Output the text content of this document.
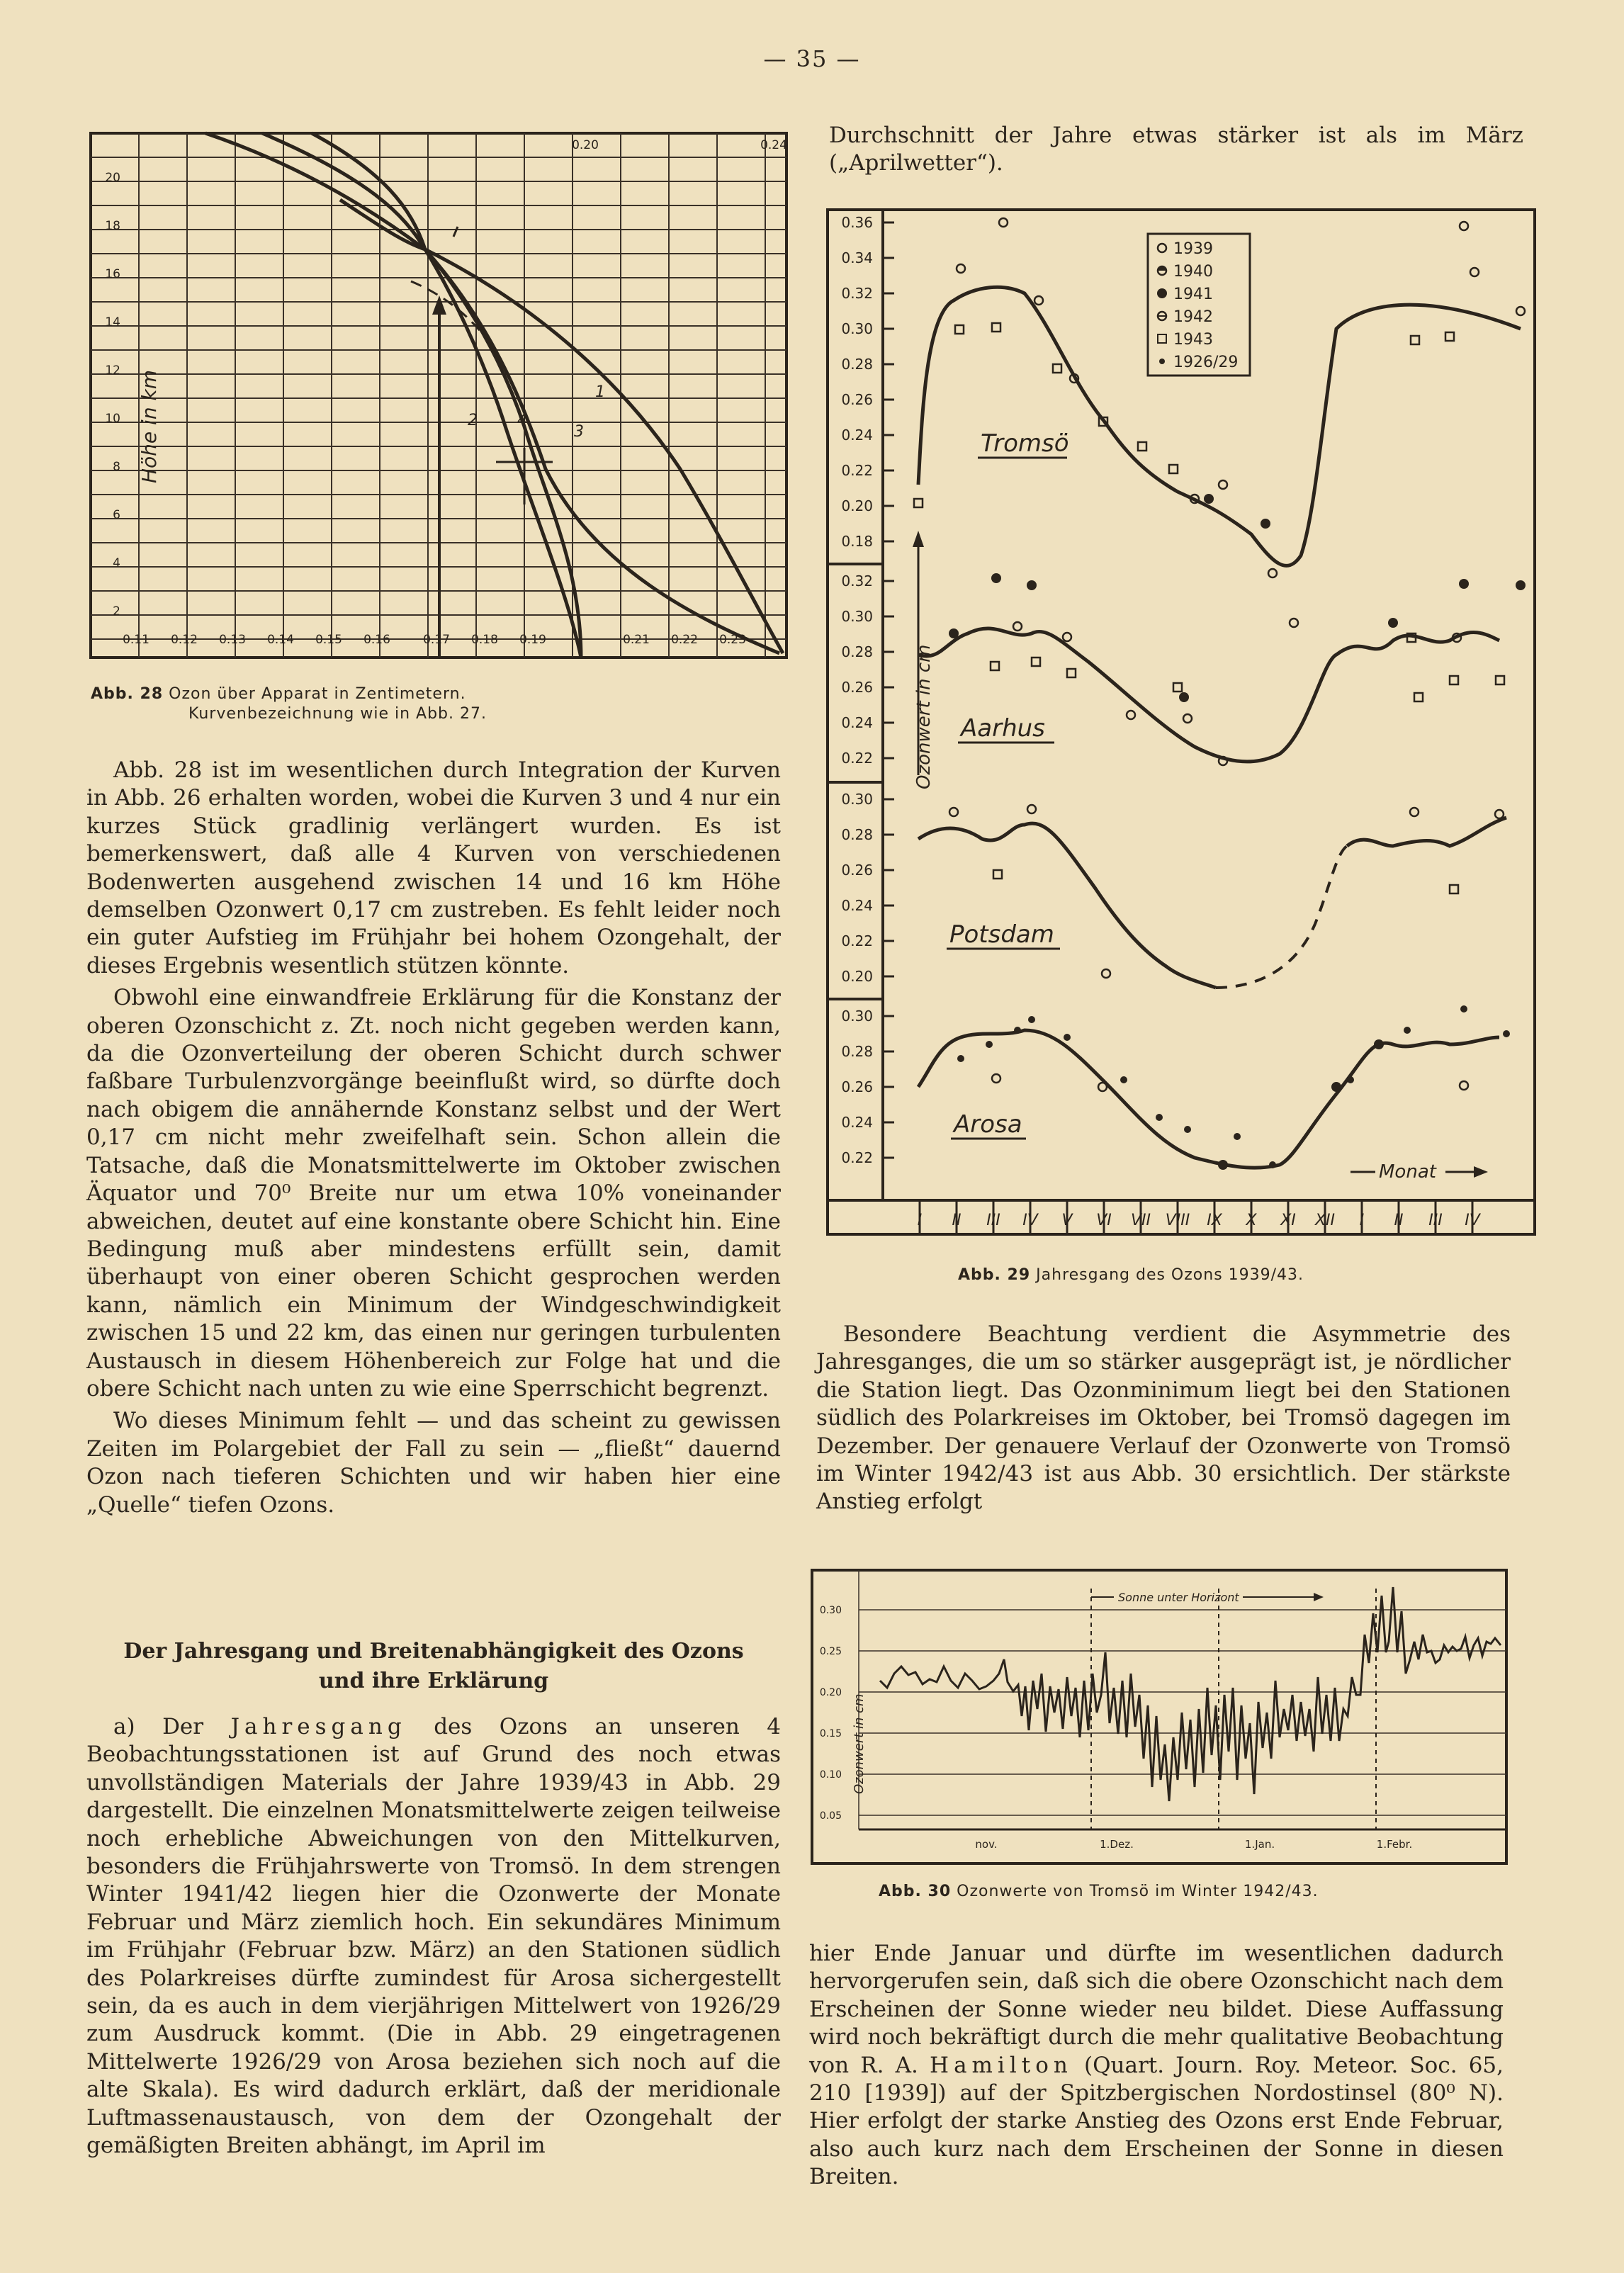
— 35 —
20
18
16
14
12
10
8
6
4
2
Höhe in km
0.11 0.12 0.13 0.14 0.15 0.16	0.17 0.18 0.19	0.21 0.22 0.23
0.20	0.24
1
2
3
4
Abb. 28 Ozon über Apparat in Zentimetern.
Kurvenbezeichnung wie in Abb. 27.

Abb. 28 ist im wesentlichen durch Integration der Kurven in Abb. 26 erhalten worden, wobei die Kurven 3 und 4 nur ein kurzes Stück gradlinig verlängert wurden. Es ist bemerkenswert, daß alle 4 Kurven von verschiedenen Bodenwerten ausgehend zwischen 14 und 16 km Höhe demselben Ozonwert 0,17 cm zustreben. Es fehlt leider noch ein guter Aufstieg im Frühjahr bei hohem Ozongehalt, der dieses Ergebnis wesentlich stützen könnte.

Obwohl eine einwandfreie Erklärung für die Konstanz der oberen Ozonschicht z. Zt. noch nicht gegeben werden kann, da die Ozonverteilung der oberen Schicht durch schwer faßbare Turbulenzvorgänge beeinflußt wird, so dürfte doch nach obigem die annähernde Konstanz selbst und der Wert 0,17 cm nicht mehr zweifelhaft sein. Schon allein die Tatsache, daß die Monatsmittelwerte im Oktober zwischen Äquator und 70⁰ Breite nur um etwa 10% voneinander abweichen, deutet auf eine konstante obere Schicht hin. Eine Bedingung muß aber mindestens erfüllt sein, damit überhaupt von einer oberen Schicht gesprochen werden kann, nämlich ein Minimum der Windgeschwindigkeit zwischen 15 und 22 km, das einen nur geringen turbulenten Austausch in diesem Höhenbereich zur Folge hat und die obere Schicht nach unten zu wie eine Sperrschicht begrenzt.

Wo dieses Minimum fehlt — und das scheint zu gewissen Zeiten im Polargebiet der Fall zu sein — „fließt“ dauernd Ozon nach tieferen Schichten und wir haben hier eine „Quelle“ tiefen Ozons.

Der Jahresgang und Breitenabhängigkeit des Ozons
und ihre Erklärung

a) Der Jahresgang des Ozons an unseren 4 Beobachtungsstationen ist auf Grund des noch etwas unvollständigen Materials der Jahre 1939/43 in Abb. 29 dargestellt. Die einzelnen Monatsmittelwerte zeigen teilweise noch erhebliche Abweichungen von den Mittelkurven, besonders die Frühjahrswerte von Tromsö. In dem strengen Winter 1941/42 liegen hier die Ozonwerte der Monate Februar und März ziemlich hoch. Ein sekundäres Minimum im Frühjahr (Februar bzw. März) an den Stationen südlich des Polarkreises dürfte zumindest für Arosa sichergestellt sein, da es auch in dem vierjährigen Mittelwert von 1926/29 zum Ausdruck kommt. (Die in Abb. 29 eingetragenen Mittelwerte 1926/29 von Arosa beziehen sich noch auf die alte Skala). Es wird dadurch erklärt, daß der meridionale Luftmassenaustausch, von dem der Ozongehalt der gemäßigten Breiten abhängt, im April im

Durchschnitt der Jahre etwas stärker ist als im März („Aprilwetter“).

0.36
0.34
0.32
0.30
0.28
0.26
0.24
0.22
0.20
0.18
0.32
0.30
0.28
0.26
0.24
0.22
0.30
0.28
0.26
0.24
0.22
0.20
0.30
0.28
0.26
0.24
0.22
Ozonwert in cm
I II III IV V VI VII VIII IX X XI XII I II III IV
1939
1940
1941
1942
1943
1926/29
Tromsö
Aarhus
Potsdam
Arosa
Monat
Abb. 29 Jahresgang des Ozons 1939/43.

Besondere Beachtung verdient die Asymmetrie des Jahresganges, die um so stärker ausgeprägt ist, je nördlicher die Station liegt. Das Ozonminimum liegt bei den Stationen südlich des Polarkreises im Oktober, bei Tromsö dagegen im Dezember. Der genauere Verlauf der Ozonwerte von Tromsö im Winter 1942/43 ist aus Abb. 30 ersichtlich. Der stärkste Anstieg erfolgt

0.30
0.25
0.20
0.15
0.10
0.05
Ozonwert in cm
nov.	1.Dez.	1.Jan.	1.Febr.
Sonne unter Horizont
Abb. 30 Ozonwerte von Tromsö im Winter 1942/43.

hier Ende Januar und dürfte im wesentlichen dadurch hervorgerufen sein, daß sich die obere Ozonschicht nach dem Erscheinen der Sonne wieder neu bildet. Diese Auffassung wird noch bekräftigt durch die mehr qualitative Beobachtung von R. A. Hamilton (Quart. Journ. Roy. Meteor. Soc. 65, 210 [1939]) auf der Spitzbergischen Nordostinsel (80⁰ N). Hier erfolgt der starke Anstieg des Ozons erst Ende Februar, also auch kurz nach dem Erscheinen der Sonne in diesen Breiten.
